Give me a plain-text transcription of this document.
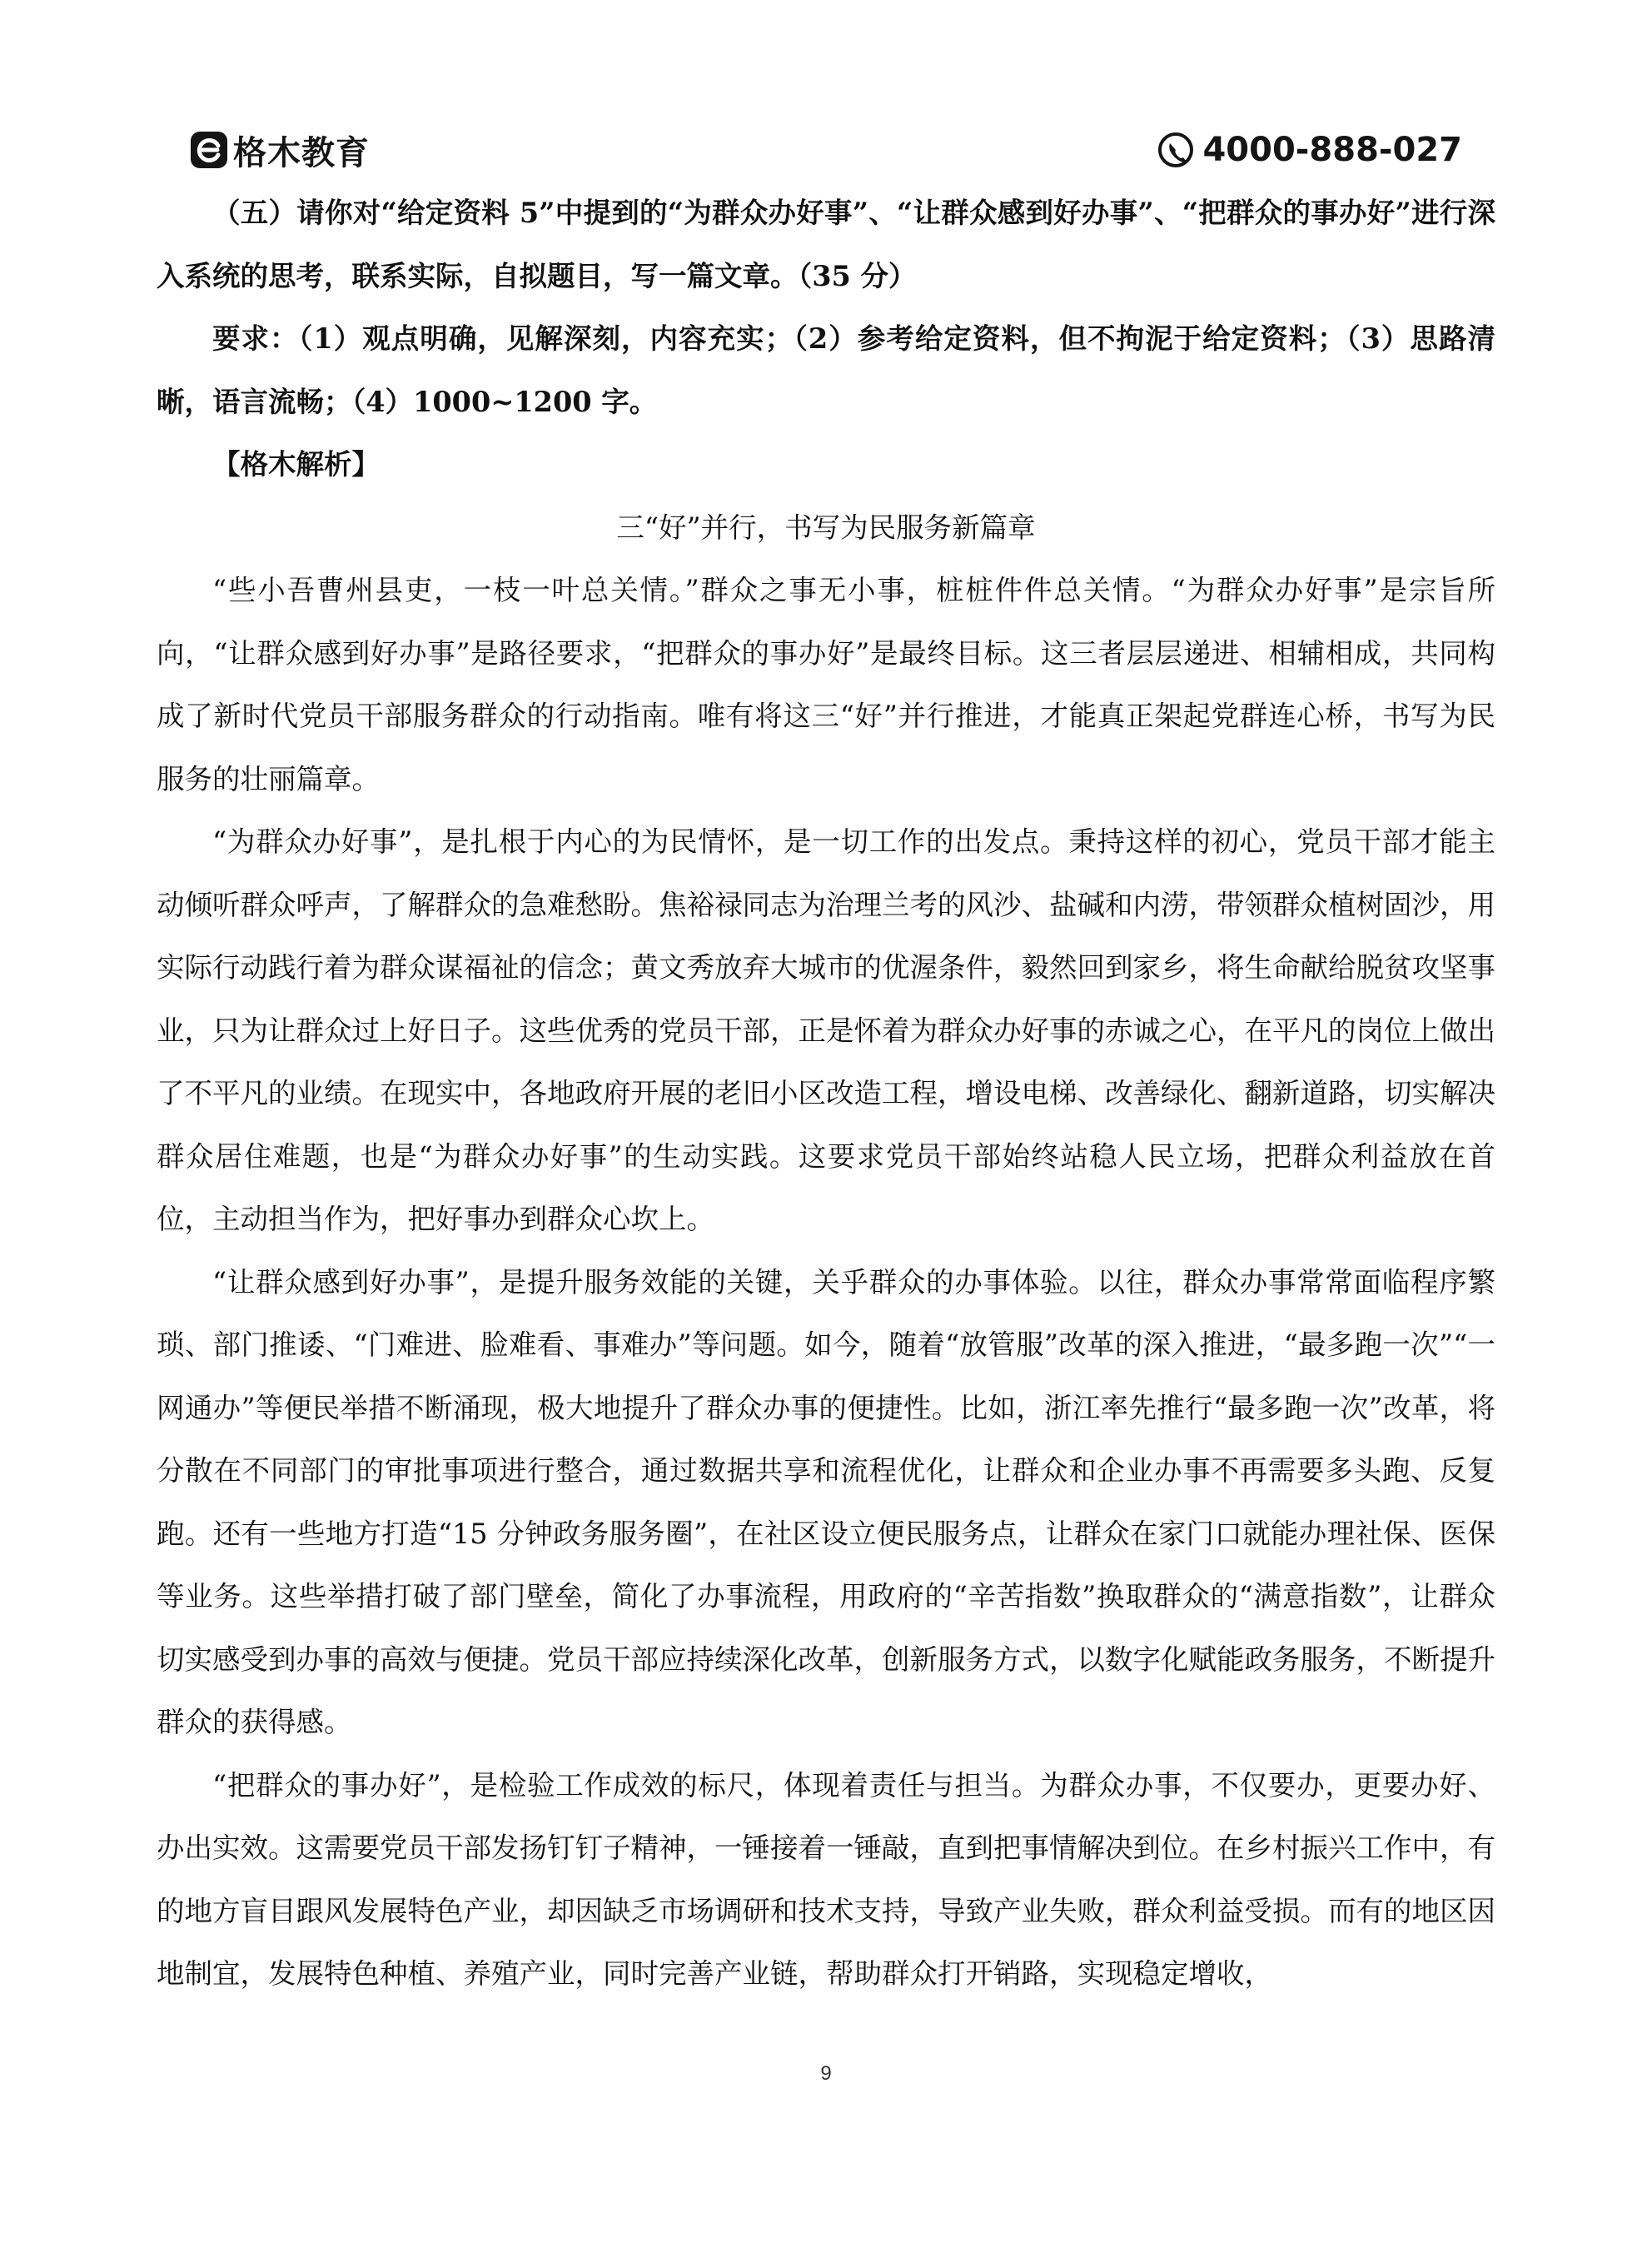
格木教育	4000-888-027

（五）请你对“给定资料 5”中提到的“为群众办好事”、“让群众感到好办事”、“把群众的事办好”进行深入系统的思考，联系实际，自拟题目，写一篇文章。（35 分）

要求：（1）观点明确，见解深刻，内容充实；（2）参考给定资料，但不拘泥于给定资料；（3）思路清晰，语言流畅；（4）1000~1200 字。

【格木解析】

三“好”并行，书写为民服务新篇章

“些小吾曹州县吏，一枝一叶总关情。”群众之事无小事，桩桩件件总关情。“为群众办好事”是宗旨所向，“让群众感到好办事”是路径要求，“把群众的事办好”是最终目标。这三者层层递进、相辅相成，共同构成了新时代党员干部服务群众的行动指南。唯有将这三“好”并行推进，才能真正架起党群连心桥，书写为民服务的壮丽篇章。

“为群众办好事”，是扎根于内心的为民情怀，是一切工作的出发点。秉持这样的初心，党员干部才能主动倾听群众呼声，了解群众的急难愁盼。焦裕禄同志为治理兰考的风沙、盐碱和内涝，带领群众植树固沙，用实际行动践行着为群众谋福祉的信念；黄文秀放弃大城市的优渥条件，毅然回到家乡，将生命献给脱贫攻坚事业，只为让群众过上好日子。这些优秀的党员干部，正是怀着为群众办好事的赤诚之心，在平凡的岗位上做出了不平凡的业绩。在现实中，各地政府开展的老旧小区改造工程，增设电梯、改善绿化、翻新道路，切实解决群众居住难题，也是“为群众办好事”的生动实践。这要求党员干部始终站稳人民立场，把群众利益放在首位，主动担当作为，把好事办到群众心坎上。

“让群众感到好办事”，是提升服务效能的关键，关乎群众的办事体验。以往，群众办事常常面临程序繁琐、部门推诿、“门难进、脸难看、事难办”等问题。如今，随着“放管服”改革的深入推进，“最多跑一次”“一网通办”等便民举措不断涌现，极大地提升了群众办事的便捷性。比如，浙江率先推行“最多跑一次”改革，将分散在不同部门的审批事项进行整合，通过数据共享和流程优化，让群众和企业办事不再需要多头跑、反复跑。还有一些地方打造“15 分钟政务服务圈”，在社区设立便民服务点，让群众在家门口就能办理社保、医保等业务。这些举措打破了部门壁垒，简化了办事流程，用政府的“辛苦指数”换取群众的“满意指数”，让群众切实感受到办事的高效与便捷。党员干部应持续深化改革，创新服务方式，以数字化赋能政务服务，不断提升群众的获得感。

“把群众的事办好”，是检验工作成效的标尺，体现着责任与担当。为群众办事，不仅要办，更要办好、办出实效。这需要党员干部发扬钉钉子精神，一锤接着一锤敲，直到把事情解决到位。在乡村振兴工作中，有的地方盲目跟风发展特色产业，却因缺乏市场调研和技术支持，导致产业失败，群众利益受损。而有的地区因地制宜，发展特色种植、养殖产业，同时完善产业链，帮助群众打开销路，实现稳定增收，

9
